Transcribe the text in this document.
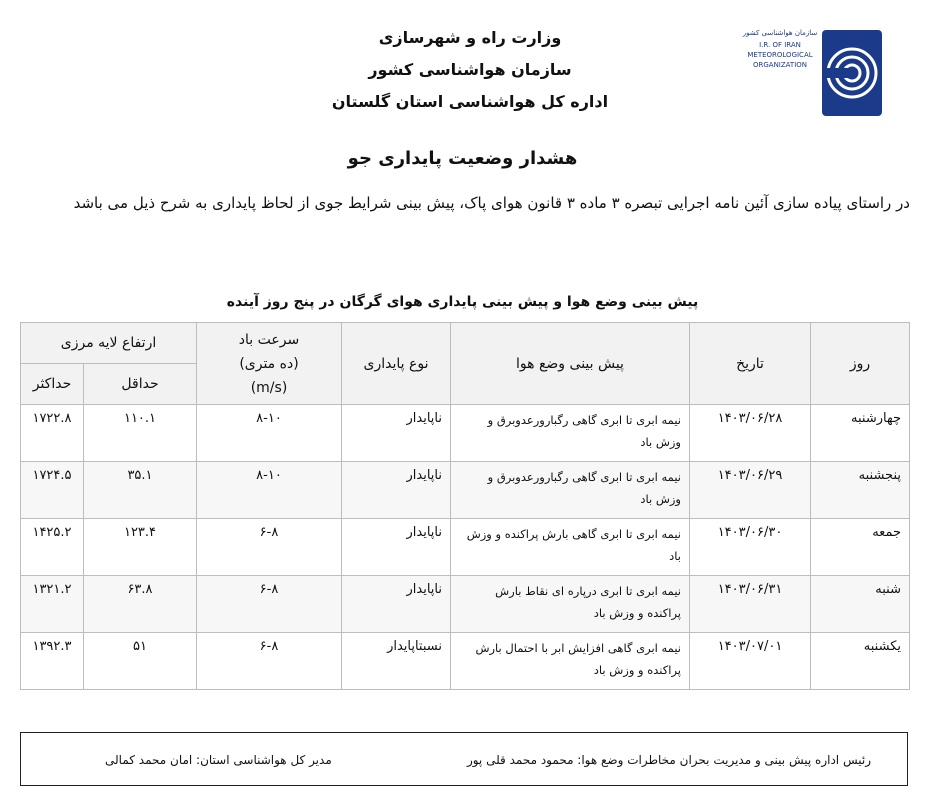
وزارت راه و شهرسازی
سازمان هواشناسی کشور
اداره کل هواشناسی استان گلستان
سازمان هواشناسی کشور
I.R. OF IRAN
METEOROLOGICAL
ORGANIZATION
هشدار وضعیت پایداری جو
در راستای پیاده سازی آئین نامه اجرایی تبصره ۳ ماده ۳ قانون هوای پاک، پیش بینی شرایط جوی از لحاظ پایداری به شرح ذیل می باشد
پیش بینی وضع هوا و پیش بینی پایداری هوای گرگان در پنج روز آینده
روز	تاریخ	پیش بینی وضع هوا	نوع پایداری	سرعت باد
(ده متری)
(m/s)	ارتفاع لایه مرزی	
					حداقل	حداکثر
چهارشنبه	۱۴۰۳/۰۶/۲۸	نیمه ابری تا ابری گاهی رگبارورعدوبرق و وزش باد	ناپایدار	۸-۱۰	۱۱۰.۱	۱۷۲۲.۸
پنجشنبه	۱۴۰۳/۰۶/۲۹	نیمه ابری تا ابری گاهی رگبارورعدوبرق و وزش باد	ناپایدار	۸-۱۰	۳۵.۱	۱۷۲۴.۵
جمعه	۱۴۰۳/۰۶/۳۰	نیمه ابری تا ابری گاهی بارش پراکنده و وزش باد	ناپایدار	۶-۸	۱۲۳.۴	۱۴۲۵.۲
شنبه	۱۴۰۳/۰۶/۳۱	نیمه ابری تا ابری درپاره ای نقاط بارش پراکنده و وزش باد	ناپایدار	۶-۸	۶۳.۸	۱۳۲۱.۲
یکشنبه	۱۴۰۳/۰۷/۰۱	نیمه ابری گاهی افزایش ابر با احتمال بارش پراکنده و وزش باد	نسبتاپایدار	۶-۸	۵۱	۱۳۹۲.۳
رئیس اداره پیش بینی و مدیریت بحران مخاطرات وضع هوا: محمود محمد قلی پور
مدیر کل هواشناسی استان: امان محمد کمالی
